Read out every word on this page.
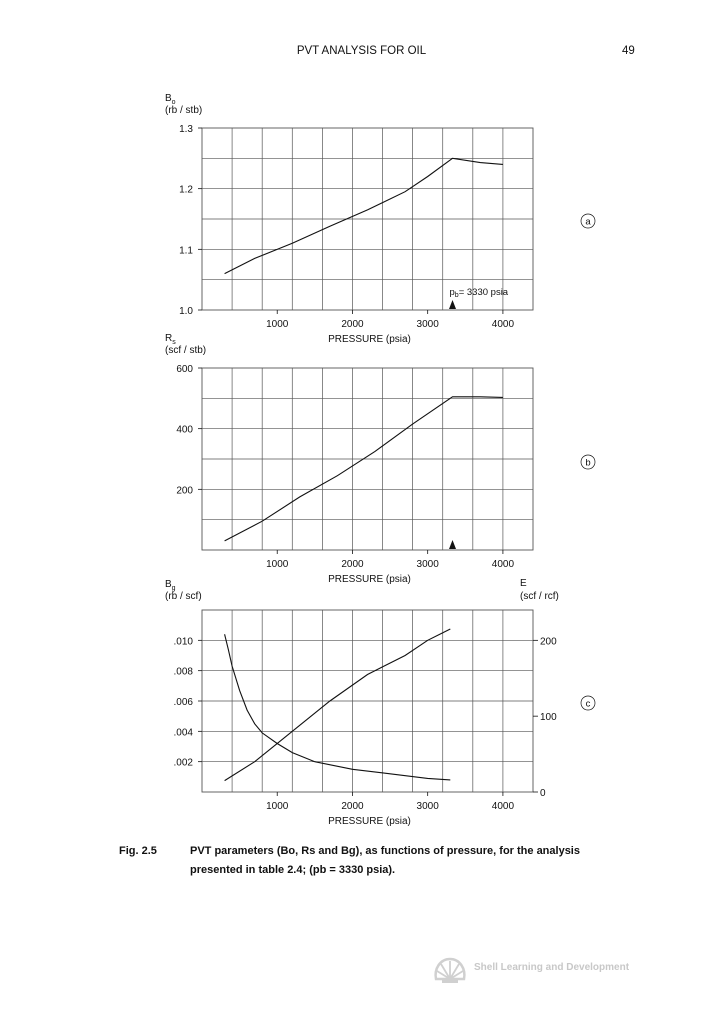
PVT ANALYSIS FOR OIL	49
1000	2000	3000	4000
PRESSURE (psia)
1.0
1.1
1.2
1.3
(rb / stb)
a
$B_o$
$p_b= 3330$ psia
1000	2000	3000	4000
PRESSURE (psia)
200
400
600
(scf / stb)
b
$R_s$
1000	2000	3000	4000
PRESSURE (psia)
.002
.004
.006
.008
.010
(rb / scf)
0
100
200
E
(scf / rcf)
c
$B_g$
Fig. 2.5	PVT parameters (Bo, Rs and Bg), as functions of pressure, for the analysis presented in table 2.4; (pb = 3330 psia).
Shell Learning and Development
